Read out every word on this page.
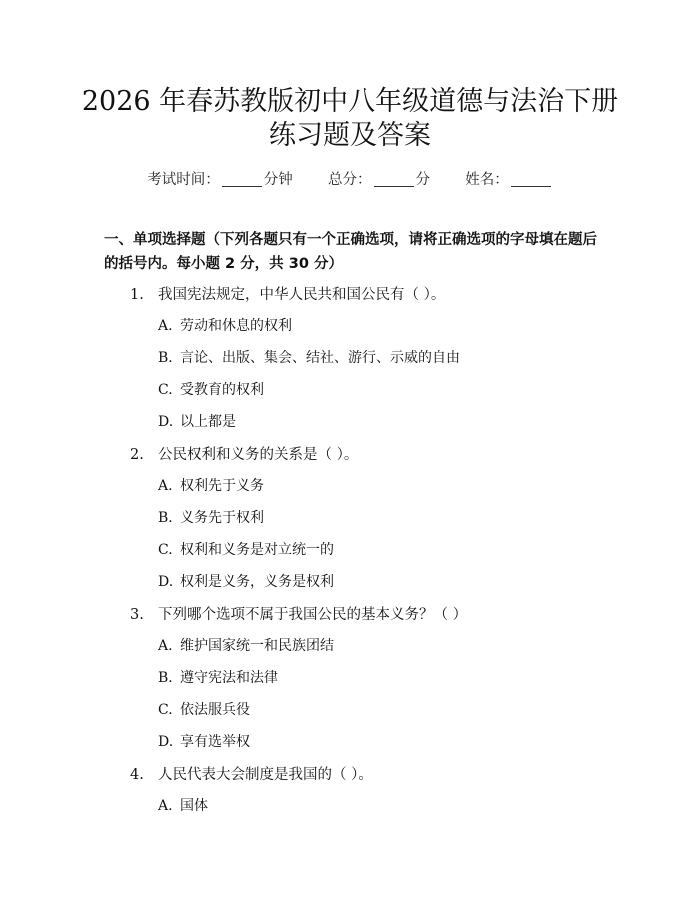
2026 年春苏教版初中八年级道德与法治下册
练习题及答案
考试时间：	分钟 总分：	分 姓名：
一、单项选择题（下列各题只有一个正确选项，请将正确选项的字母填在题后的括号内。每小题 2 分，共 30 分）
1. 我国宪法规定，中华人民共和国公民有（ ）。
A. 劳动和休息的权利
B. 言论、出版、集会、结社、游行、示威的自由
C. 受教育的权利
D. 以上都是
2. 公民权利和义务的关系是（ ）。
A. 权利先于义务
B. 义务先于权利
C. 权利和义务是对立统一的
D. 权利是义务，义务是权利
3. 下列哪个选项不属于我国公民的基本义务？（ ）
A. 维护国家统一和民族团结
B. 遵守宪法和法律
C. 依法服兵役
D. 享有选举权
4. 人民代表大会制度是我国的（ ）。
A. 国体
